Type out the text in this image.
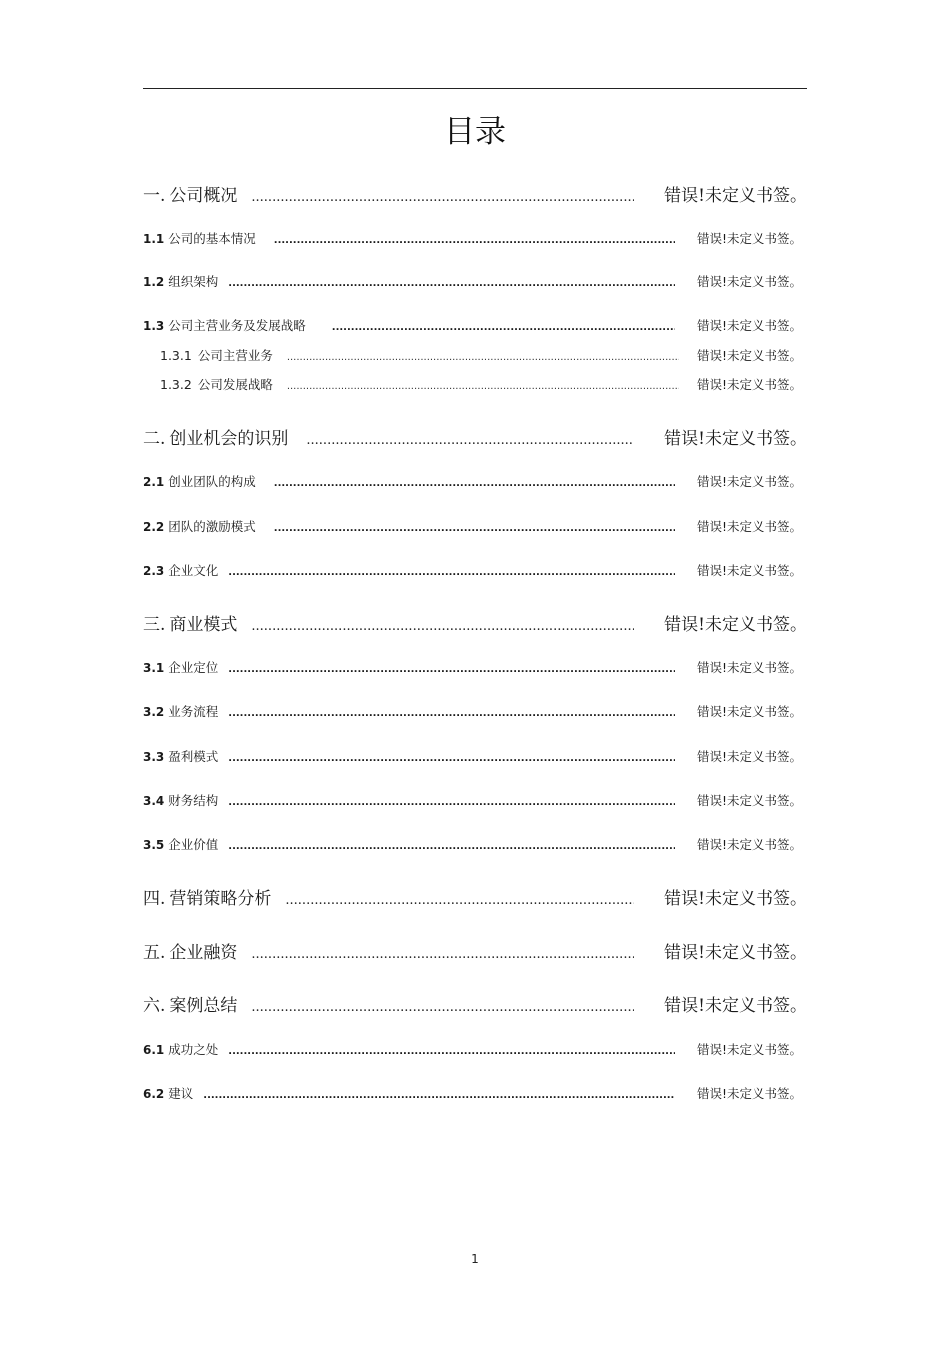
目录
一. 公司概况 .....	错误!未定义书签。
1.1 公司的基本情况 .....	错误!未定义书签。
1.2 组织架构 .....	错误!未定义书签。
1.3 公司主营业务及发展战略 .....	错误!未定义书签。
1.3.1 公司主营业务 .....	错误!未定义书签。
1.3.2 公司发展战略 .....	错误!未定义书签。
二. 创业机会的识别 .....	错误!未定义书签。
2.1 创业团队的构成 .....	错误!未定义书签。
2.2 团队的激励模式 .....	错误!未定义书签。
2.3 企业文化 .....	错误!未定义书签。
三. 商业模式 .....	错误!未定义书签。
3.1 企业定位 .....	错误!未定义书签。
3.2 业务流程 .....	错误!未定义书签。
3.3 盈利模式 .....	错误!未定义书签。
3.4 财务结构 .....	错误!未定义书签。
3.5 企业价值 .....	错误!未定义书签。
四. 营销策略分析 .....	错误!未定义书签。
五. 企业融资 .....	错误!未定义书签。
六. 案例总结 .....	错误!未定义书签。
6.1 成功之处 .....	错误!未定义书签。
6.2 建议 .....	错误!未定义书签。
1
